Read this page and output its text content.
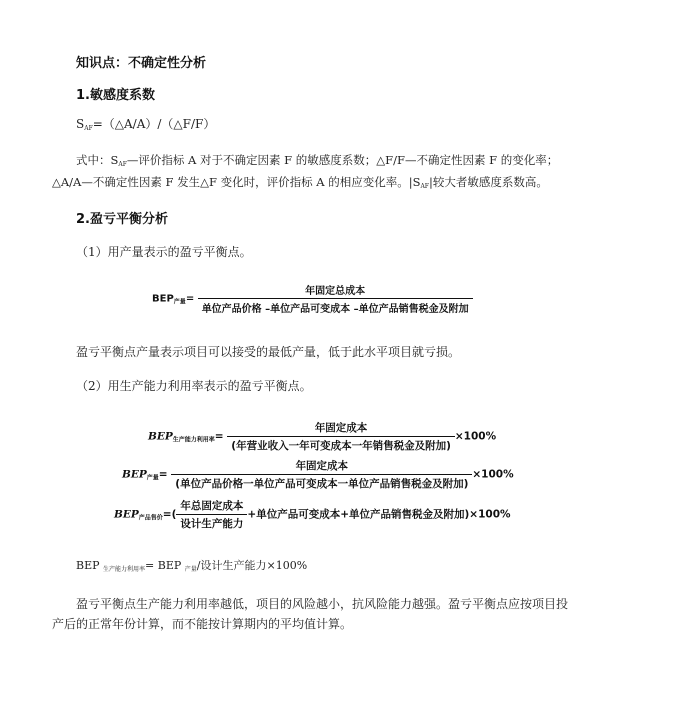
知识点：不确定性分析
1.敏感度系数
$S_{AF}=(\triangle A/A)/(\triangle F/F)$
式中：$S_{AF}—$评价指标 A 对于不确定因素 F 的敏感度系数；△F/F—不确定性因素 F 的变化率；
△A/A—不确定性因素 F 发生△F 变化时，评价指标 A 的相应变化率。$|S_{AF}|$较大者敏感度系数高。
2.盈亏平衡分析
（1）用产量表示的盈亏平衡点。
$BEP_{产量}= \frac{\text{年固定总成本}}{\text{单位产品价格 –单位产品可变成本 –单位产品销售税金及附加}}$
盈亏平衡点产量表示项目可以接受的最低产量，低于此水平项目就亏损。
（2）用生产能力利用率表示的盈亏平衡点。
$BEP_{生产能力利用率}= \frac{\text{年固定成本}}{\text{(年营业收入一年可变成本一年销售税金及附加)}} \times 100\%$
$BEP_{产量}= \frac{\text{年固定成本}}{\text{(单位产品价格一单位产品可变成本一单位产品销售税金及附加)}} \times 100\%$
$BEP_{产品售价}=( \frac{\text{年总固定成本}}{\text{设计生产能力}}$ +单位产品可变成本+单位产品销售税金及附加)×100%
BEP $_{生产能力利用率}$= BEP $_{产量}$/设计生产能力×100%
盈亏平衡点生产能力利用率越低，项目的风险越小，抗风险能力越强。盈亏平衡点应按项目投
产后的正常年份计算，而不能按计算期内的平均值计算。
